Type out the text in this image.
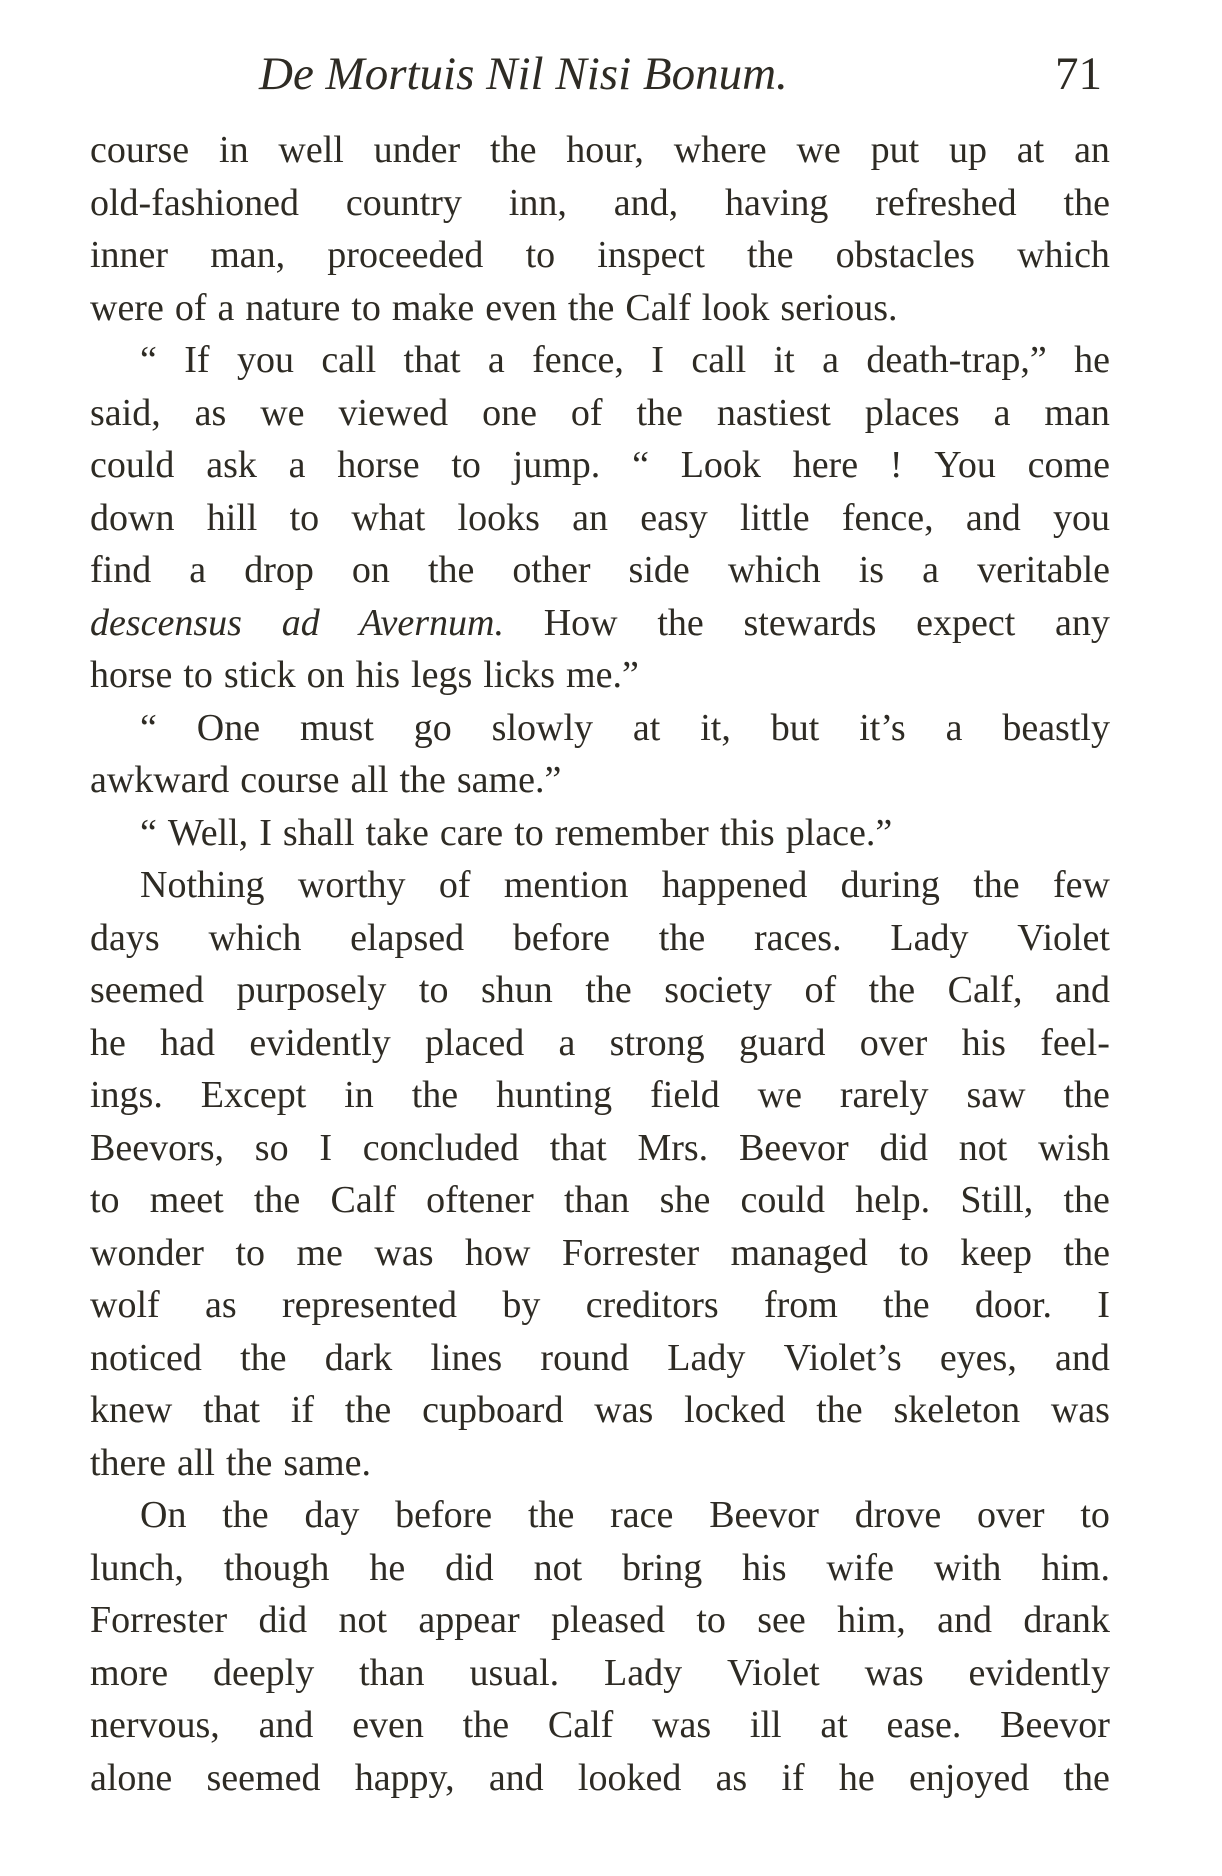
De Mortuis Nil Nisi Bonum.	71
course in well under the hour, where we put up at an
old-fashioned country inn, and, having refreshed the
inner man, proceeded to inspect the obstacles which
were of a nature to make even the Calf look serious.
“ If you call that a fence, I call it a death-trap,” he
said, as we viewed one of the nastiest places a man
could ask a horse to jump. “ Look here ! You come
down hill to what looks an easy little fence, and you
find a drop on the other side which is a veritable
descensus ad Avernum. How the stewards expect any
horse to stick on his legs licks me.”
“ One must go slowly at it, but it’s a beastly
awkward course all the same.”
“ Well, I shall take care to remember this place.”
Nothing worthy of mention happened during the few
days which elapsed before the races. Lady Violet
seemed purposely to shun the society of the Calf, and
he had evidently placed a strong guard over his feel-
ings. Except in the hunting field we rarely saw the
Beevors, so I concluded that Mrs. Beevor did not wish
to meet the Calf oftener than she could help. Still, the
wonder to me was how Forrester managed to keep the
wolf as represented by creditors from the door. I
noticed the dark lines round Lady Violet’s eyes, and
knew that if the cupboard was locked the skeleton was
there all the same.
On the day before the race Beevor drove over to
lunch, though he did not bring his wife with him.
Forrester did not appear pleased to see him, and drank
more deeply than usual. Lady Violet was evidently
nervous, and even the Calf was ill at ease. Beevor
alone seemed happy, and looked as if he enjoyed the
